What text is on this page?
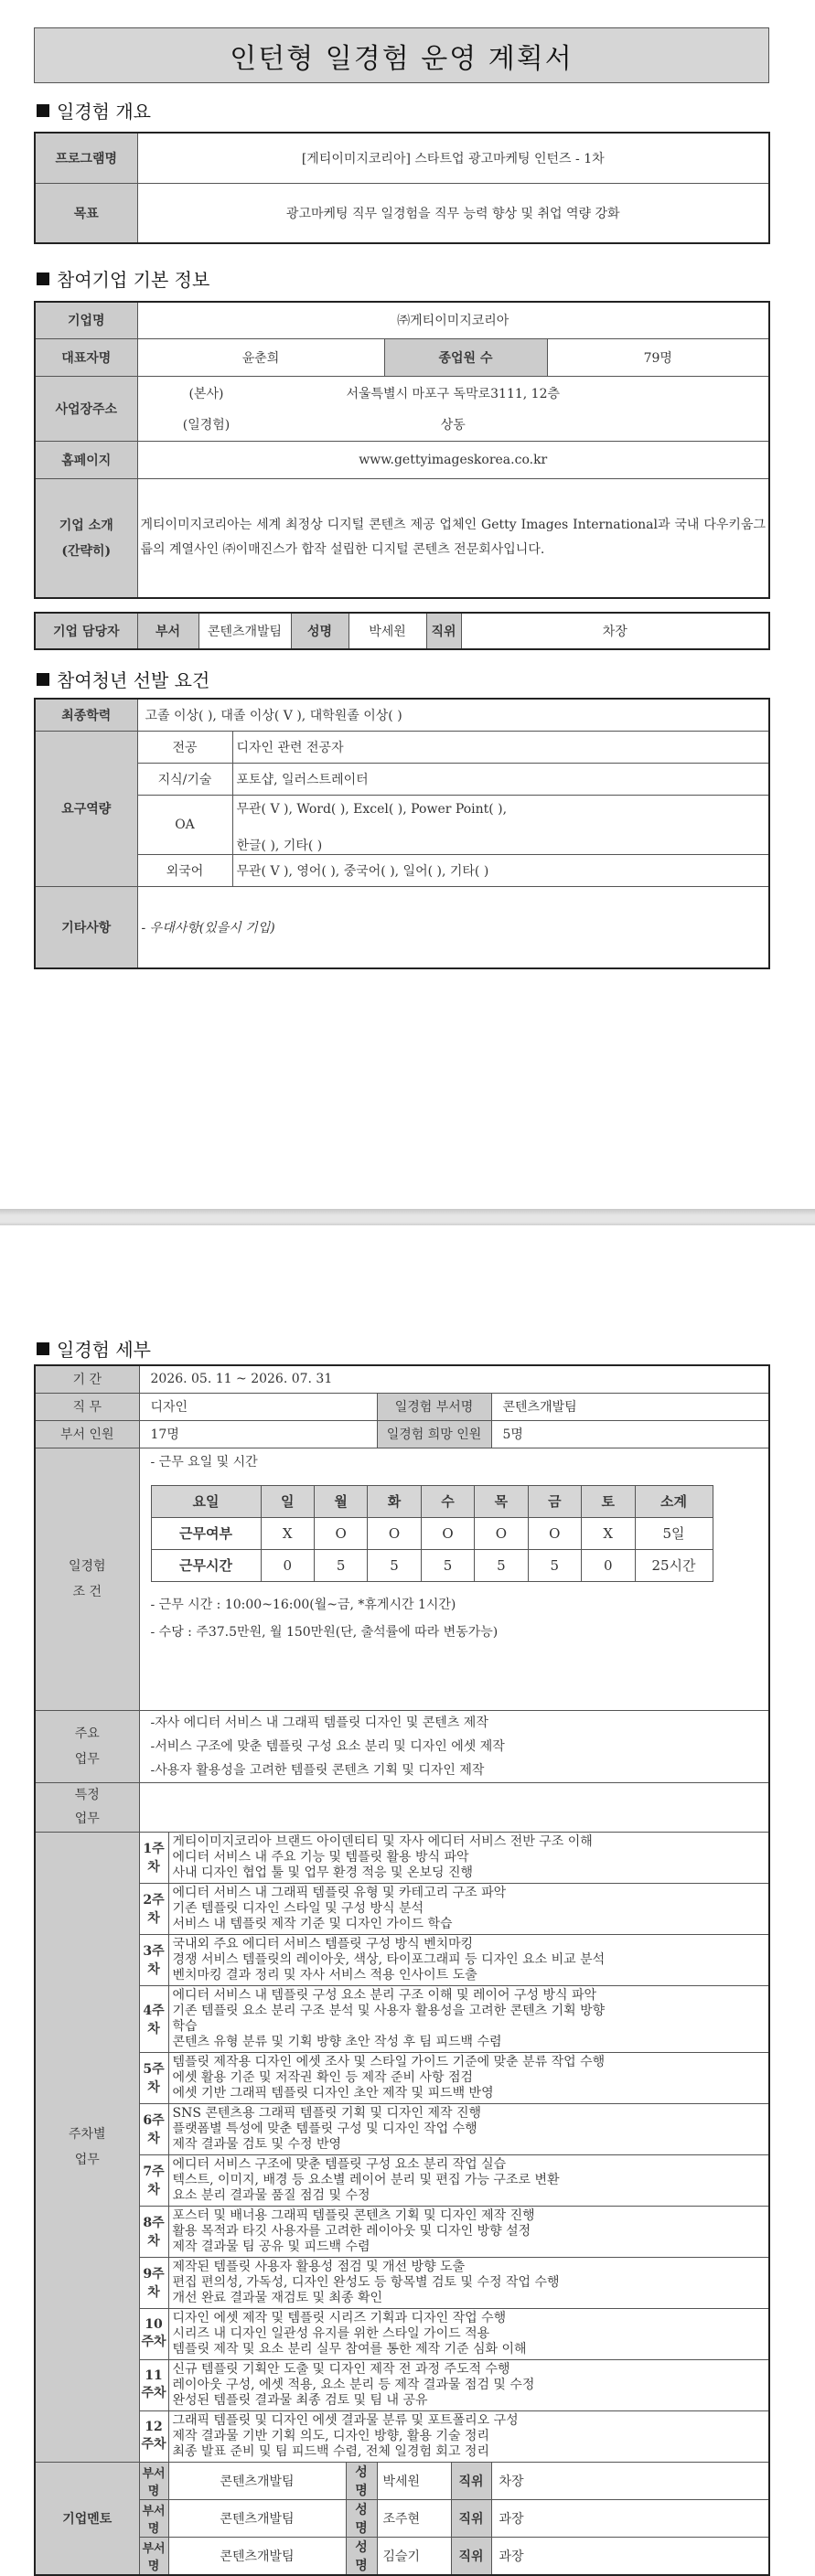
인턴형 일경험 운영 계획서
일경험 개요
프로그램명	[게티이미지코리아] 스타트업 광고마케팅 인턴즈 - 1차
목표	광고마케팅 직무 일경험을 직무 능력 향상 및 취업 역량 강화
참여기업 기본 정보
기업명	㈜게티이미지코리아		
대표자명	윤춘희	종업원 수	79명
사업장주소	(본사) 서울특별시 마포구 독막로3111, 12층
(일경험) 상동		

홈페이지	www.gettyimageskorea.co.kr		

기업 소개
(간략히)	게티이미지코리아는 세계 최정상 디지털 콘텐츠 제공 업체인 Getty Images International과 국내 다우키움그룹의 계열사인 ㈜이매진스가 합작 설립한 디지털 콘텐츠 전문회사입니다.		
기업 담당자	부서	콘텐츠개발팀	성명	박세원	직위	차장
참여청년 선발 요건
최종학력	고졸 이상( ), 대졸 이상( V ), 대학원졸 이상( )	
요구역량	전공	디자인 관련 전공자
	지식/기술	포토샵, 일러스트레이터
	OA	무관( V ), Word( ), Excel( ), Power Point( ),
한글( ), 기타( )

	외국어	무관( V ), 영어( ), 중국어( ), 일어( ), 기타( )
기타사항	- 우대사항(있을시 기입)	
일경험 세부
기 간	2026. 05. 11 ~ 2026. 07. 31
직 무	디자인	일경험 부서명	콘텐츠개발팀
부서 인원	17명	일경험 희망 인원	5명

일경험
조 건

- 근무 요일 및 시간
요일	일	월	화	수	목	금	토	소계
근무여부	X	O	O	O	O	O	X	5일
근무시간	0	5	5	5	5	5	0	25시간
- 근무 시간 : 10:00~16:00(월~금, *휴게시간 1시간)
- 수당 : 주37.5만원, 월 150만원(단, 출석률에 따라 변동가능)

주요
업무

-자사 에디터 서비스 내 그래픽 템플릿 디자인 및 콘텐츠 제작
-서비스 구조에 맞춘 템플릿 구성 요소 분리 및 디자인 에셋 제작
-사용자 활용성을 고려한 템플릿 콘텐츠 기획 및 디자인 제작

특정
업무

주차별
업무
	1주차	
게티이미지코리아 브랜드 아이덴티티 및 자사 에디터 서비스 전반 구조 이해
에디터 서비스 내 주요 기능 및 템플릿 활용 방식 파악
사내 디자인 협업 툴 및 업무 환경 적응 및 온보딩 진행

2주차	
에디터 서비스 내 그래픽 템플릿 유형 및 카테고리 구조 파악
기존 템플릿 디자인 스타일 및 구성 방식 분석
서비스 내 템플릿 제작 기준 및 디자인 가이드 학습

3주차	
국내외 주요 에디터 서비스 템플릿 구성 방식 벤치마킹
경쟁 서비스 템플릿의 레이아웃, 색상, 타이포그래피 등 디자인 요소 비교 분석
벤치마킹 결과 정리 및 자사 서비스 적용 인사이트 도출

4주차	
에디터 서비스 내 템플릿 구성 요소 분리 구조 이해 및 레이어 구성 방식 파악
기존 템플릿 요소 분리 구조 분석 및 사용자 활용성을 고려한 콘텐츠 기획 방향
학습
콘텐츠 유형 분류 및 기획 방향 초안 작성 후 팀 피드백 수렴

5주차	
템플릿 제작용 디자인 에셋 조사 및 스타일 가이드 기준에 맞춘 분류 작업 수행
에셋 활용 기준 및 저작권 확인 등 제작 준비 사항 점검
에셋 기반 그래픽 템플릿 디자인 초안 제작 및 피드백 반영

6주차	
SNS 콘텐츠용 그래픽 템플릿 기획 및 디자인 제작 진행
플랫폼별 특성에 맞춘 템플릿 구성 및 디자인 작업 수행
제작 결과물 검토 및 수정 반영

7주차	
에디터 서비스 구조에 맞춘 템플릿 구성 요소 분리 작업 실습
텍스트, 이미지, 배경 등 요소별 레이어 분리 및 편집 가능 구조로 변환
요소 분리 결과물 품질 점검 및 수정

8주차	
포스터 및 배너용 그래픽 템플릿 콘텐츠 기획 및 디자인 제작 진행
활용 목적과 타깃 사용자를 고려한 레이아웃 및 디자인 방향 설정
제작 결과물 팀 공유 및 피드백 수렴

9주차	
제작된 템플릿 사용자 활용성 점검 및 개선 방향 도출
편집 편의성, 가독성, 디자인 완성도 등 항목별 검토 및 수정 작업 수행
개선 완료 결과물 재검토 및 최종 확인

10주차	
디자인 에셋 제작 및 템플릿 시리즈 기획과 디자인 작업 수행
시리즈 내 디자인 일관성 유지를 위한 스타일 가이드 적용
템플릿 제작 및 요소 분리 실무 참여를 통한 제작 기준 심화 이해

11주차	
신규 템플릿 기획안 도출 및 디자인 제작 전 과정 주도적 수행
레이아웃 구성, 에셋 적용, 요소 분리 등 제작 결과물 점검 및 수정
완성된 템플릿 결과물 최종 검토 및 팀 내 공유

12주차	
그래픽 템플릿 및 디자인 에셋 결과물 분류 및 포트폴리오 구성
제작 결과물 기반 기획 의도, 디자인 방향, 활용 기술 정리
최종 발표 준비 및 팀 피드백 수렴, 전체 일경험 회고 정리

기업멘토	부서명	콘텐츠개발팀	성명	박세원	직위	차장
부서명	콘텐츠개발팀	성명	조주현	직위	과장
부서명	콘텐츠개발팀	성명	김슬기	직위	과장
